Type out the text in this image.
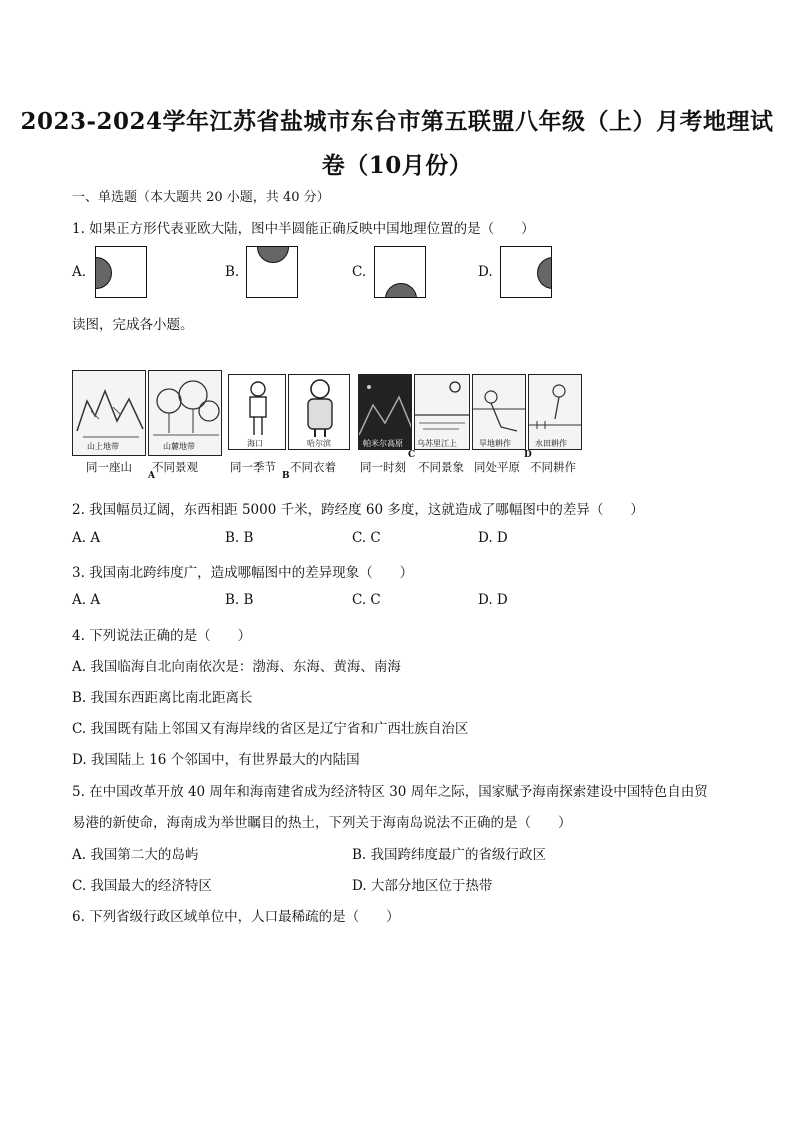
2023-2024学年江苏省盐城市东台市第五联盟八年级（上）月考地理试
卷（10月份）
一、单选题（本大题共 20 小题，共 40 分）
1. 如果正方形代表亚欧大陆，图中半圆能正确反映中国地理位置的是（　　）
A.	B.	C.	D.
读图，完成各小题。
山上地带	山麓地带	海口	哈尔滨	帕米尔高原 乌苏里江上	旱地耕作	水田耕作
同一座山 不同景观
A
同一季节 不同衣着
B
同一时刻 不同景象
C
同处平原 不同耕作
D
2. 我国幅员辽阔，东西相距 5000 千米，跨经度 60 多度，这就造成了哪幅图中的差异（　　）
A. A	B. B	C. C	D. D
3. 我国南北跨纬度广，造成哪幅图中的差异现象（　　）
A. A	B. B	C. C	D. D
4. 下列说法正确的是（　　）
A. 我国临海自北向南依次是：渤海、东海、黄海、南海
B. 我国东西距离比南北距离长
C. 我国既有陆上邻国又有海岸线的省区是辽宁省和广西壮族自治区
D. 我国陆上 16 个邻国中，有世界最大的内陆国
5. 在中国改革开放 40 周年和海南建省成为经济特区 30 周年之际，国家赋予海南探索建设中国特色自由贸
易港的新使命，海南成为举世瞩目的热土，下列关于海南岛说法不正确的是（　　）
A. 我国第二大的岛屿	B. 我国跨纬度最广的省级行政区
C. 我国最大的经济特区	D. 大部分地区位于热带
6. 下列省级行政区域单位中，人口最稀疏的是（　　）
